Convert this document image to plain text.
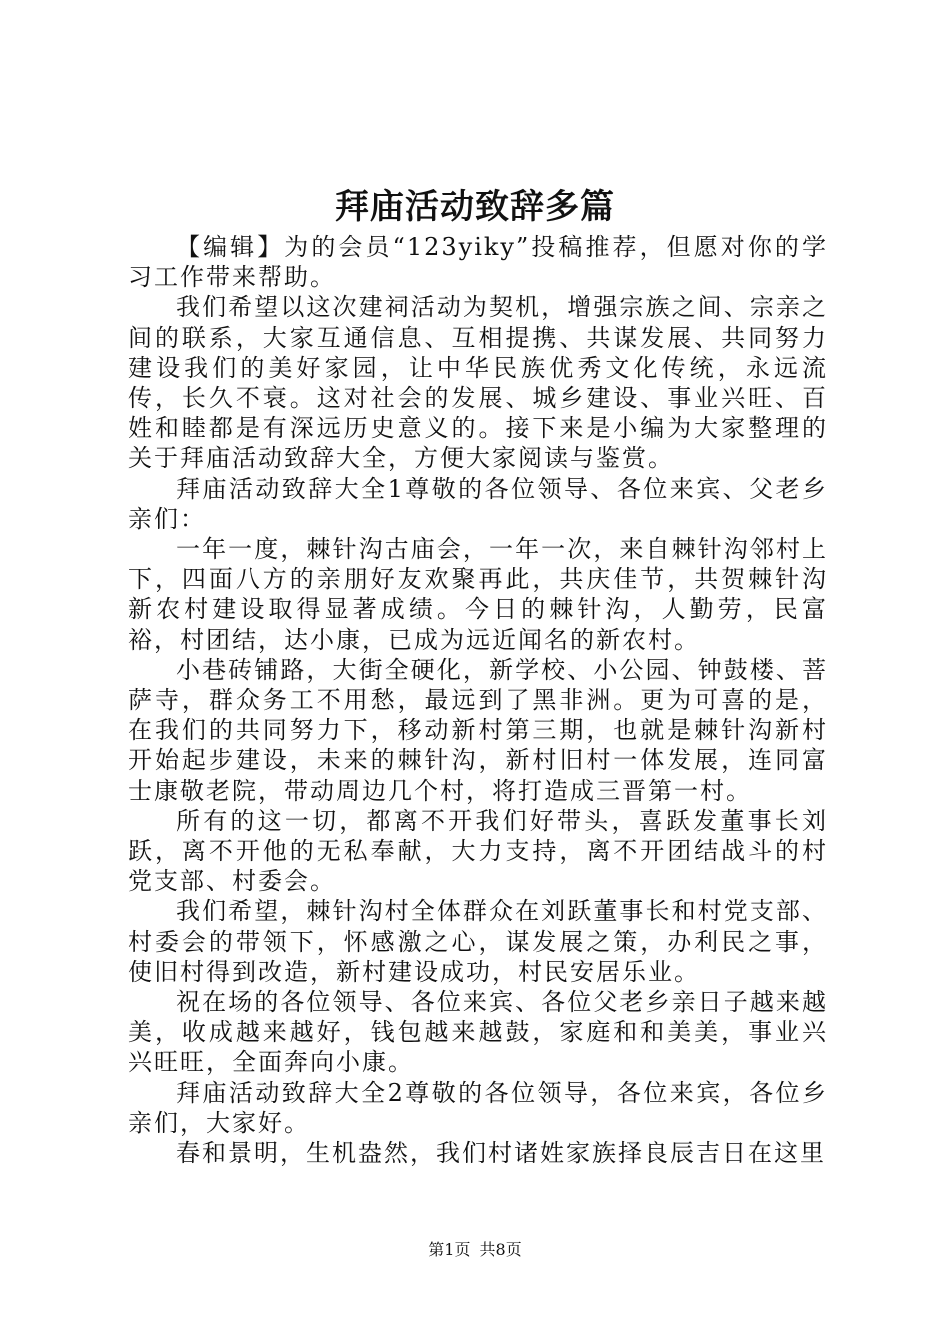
拜庙活动致辞多篇

【编辑】为的会员“123yiky”投稿推荐，但愿对你的学习工作带来帮助。

我们希望以这次建祠活动为契机，增强宗族之间、宗亲之间的联系，大家互通信息、互相提携、共谋发展、共同努力建设我们的美好家园，让中华民族优秀文化传统，永远流传，长久不衰。这对社会的发展、城乡建设、事业兴旺、百姓和睦都是有深远历史意义的。接下来是小编为大家整理的关于拜庙活动致辞大全，方便大家阅读与鉴赏。

拜庙活动致辞大全1尊敬的各位领导、各位来宾、父老乡亲们：

一年一度，棘针沟古庙会，一年一次，来自棘针沟邻村上下，四面八方的亲朋好友欢聚再此，共庆佳节，共贺棘针沟新农村建设取得显著成绩。今日的棘针沟，人勤劳，民富裕，村团结，达小康，已成为远近闻名的新农村。

小巷砖铺路，大街全硬化，新学校、小公园、钟鼓楼、菩萨寺，群众务工不用愁，最远到了黑非洲。更为可喜的是，在我们的共同努力下，移动新村第三期，也就是棘针沟新村开始起步建设，未来的棘针沟，新村旧村一体发展，连同富士康敬老院，带动周边几个村，将打造成三晋第一村。

所有的这一切，都离不开我们好带头，喜跃发董事长刘跃，离不开他的无私奉献，大力支持，离不开团结战斗的村党支部、村委会。

我们希望，棘针沟村全体群众在刘跃董事长和村党支部、村委会的带领下，怀感激之心，谋发展之策，办利民之事，使旧村得到改造，新村建设成功，村民安居乐业。

祝在场的各位领导、各位来宾、各位父老乡亲日子越来越美，收成越来越好，钱包越来越鼓，家庭和和美美，事业兴兴旺旺，全面奔向小康。

拜庙活动致辞大全2尊敬的各位领导，各位来宾，各位乡亲们，大家好。

春和景明，生机盎然，我们村诸姓家族择良辰吉日在这里

第1页 共8页
